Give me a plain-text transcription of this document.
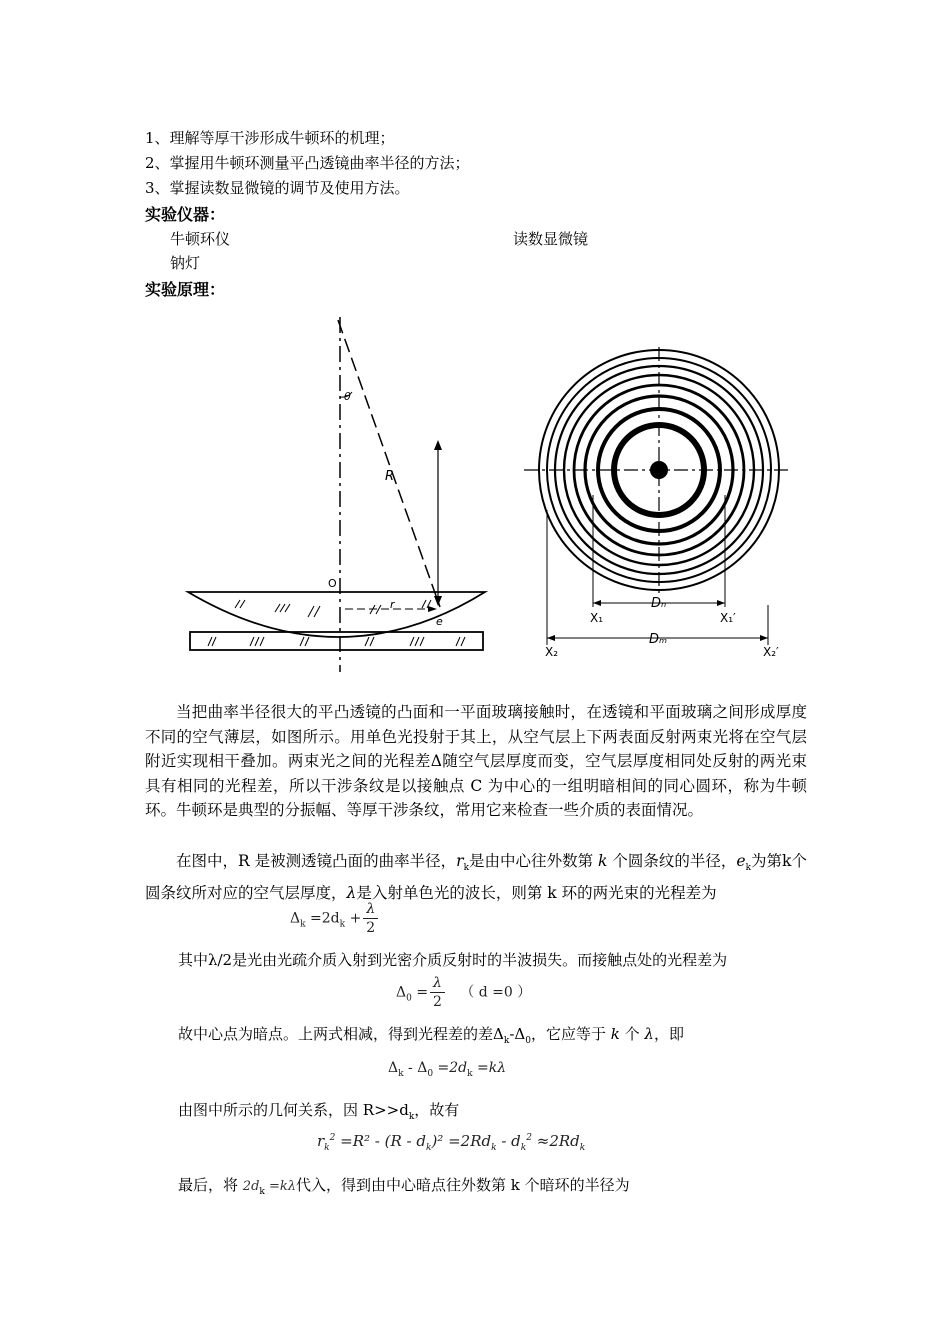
1、理解等厚干涉形成牛顿环的机理；
2、掌握用牛顿环测量平凸透镜曲率半径的方法；
3、掌握读数显微镜的调节及使用方法。
实验仪器：
牛顿环仪	读数显微镜
钠灯
实验原理：
θ
R
O
r
e	X₁	X₁′
Dₙ
X₂	X₂′
Dₘ

当把曲率半径很大的平凸透镜的凸面和一平面玻璃接触时，在透镜和平面玻璃之间形成厚度不同的空气薄层，如图所示。用单色光投射于其上，从空气层上下两表面反射两束光将在空气层附近实现相干叠加。两束光之间的光程差Δ随空气层厚度而变，空气层厚度相同处反射的两光束具有相同的光程差，所以干涉条纹是以接触点 C 为中心的一组明暗相间的同心圆环，称为牛顿环。牛顿环是典型的分振幅、等厚干涉条纹，常用它来检查一些介质的表面情况。

在图中，R 是被测透镜凸面的曲率半径，$r_k$是由中心往外数第 k 个圆条纹的半径，$e_k$为第k个圆条纹所对应的空气层厚度，λ是入射单色光的波长，则第 k 环的两光束的光程差为

$\Delta_k =2d_k + \frac{\lambda}{2}$
其中λ/2是光由光疏介质入射到光密介质反射时的半波损失。而接触点处的光程差为
$\Delta_0 = \frac{\lambda}{2}$ （ d =0 ）
故中心点为暗点。上两式相减，得到光程差的差$\Delta_k-\Delta_0$，它应等于 k 个 λ，即
$\Delta_k - \Delta_0 =2d_k =k\lambda$
由图中所示的几何关系，因 $R>>d_k$，故有
$r_k^2 =R^2 - (R - d_k)^2 =2Rd_k - d_k^2 \approx 2Rd_k$
最后，将 $2d_k =k\lambda$代入，得到由中心暗点往外数第 k 个暗环的半径为
